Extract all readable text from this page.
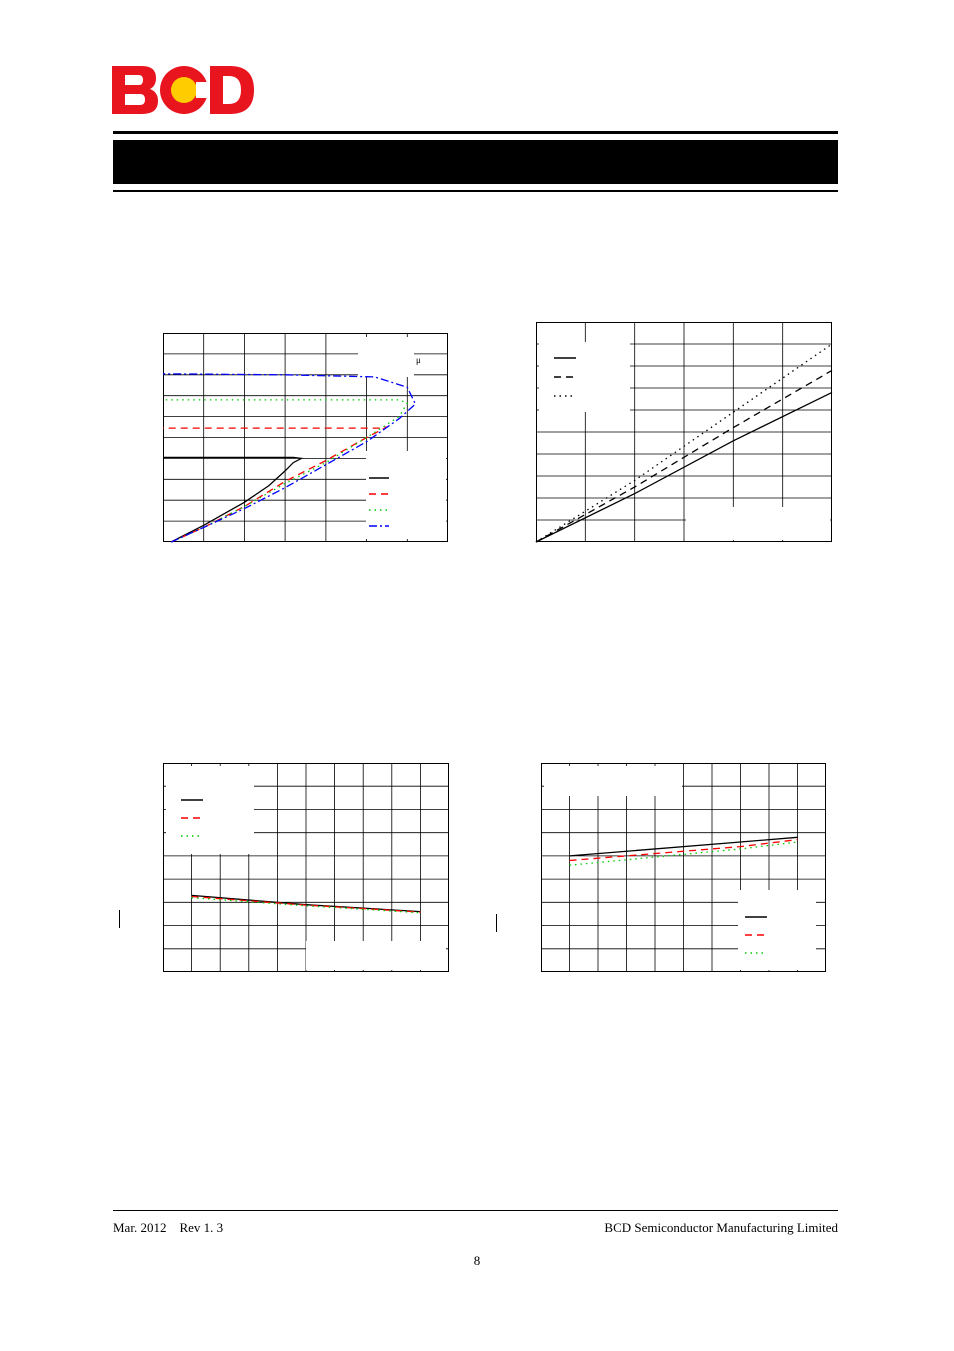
μ
Mar. 2012    Rev 1. 3	BCD Semiconductor Manufacturing Limited
8
